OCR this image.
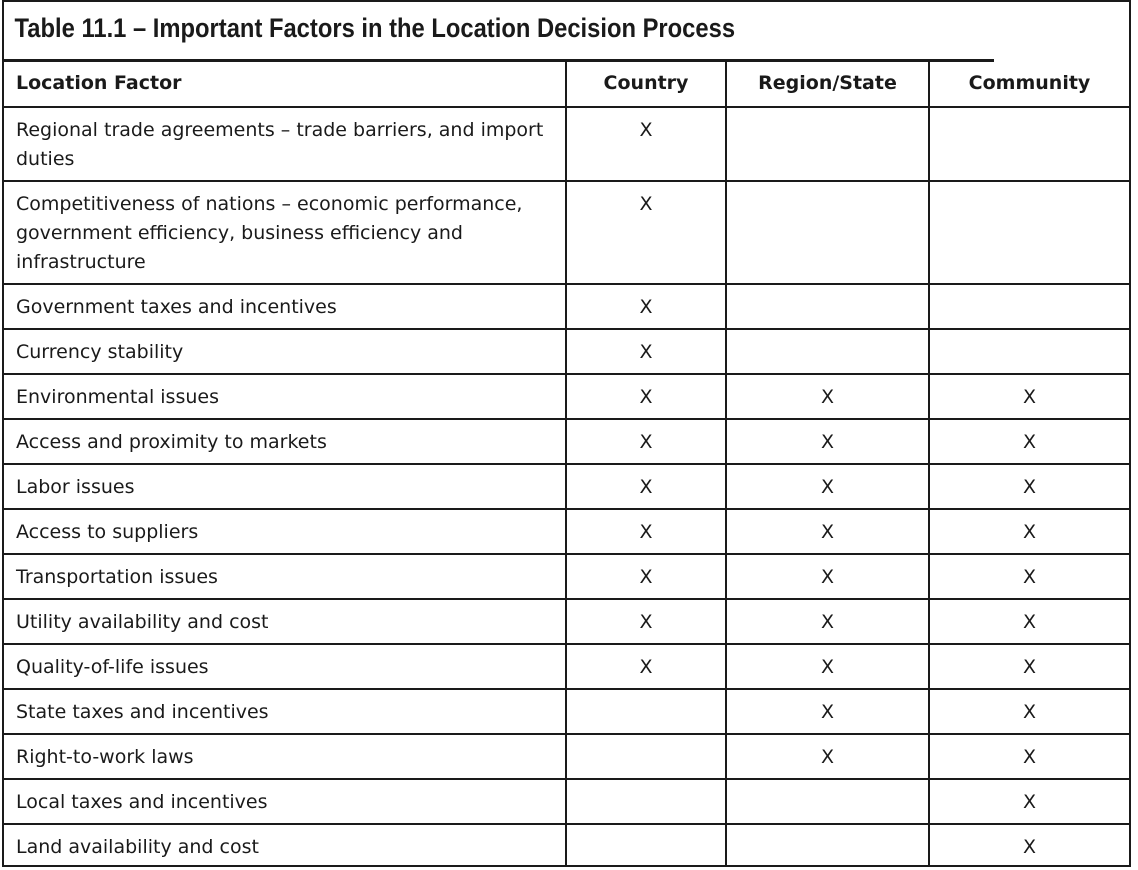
Table 11.1 – Important Factors in the Location Decision Process
Location Factor	Country	Region/State	Community
Regional trade agreements – trade barriers, and import duties	X		
Competitiveness of nations – economic performance, government efficiency, business efficiency and infrastructure	X		
Government taxes and incentives	X		
Currency stability	X		
Environmental issues	X	X	X
Access and proximity to markets	X	X	X
Labor issues	X	X	X
Access to suppliers	X	X	X
Transportation issues	X	X	X
Utility availability and cost	X	X	X
Quality-of-life issues	X	X	X
State taxes and incentives		X	X
Right-to-work laws		X	X
Local taxes and incentives			X
Land availability and cost			X
